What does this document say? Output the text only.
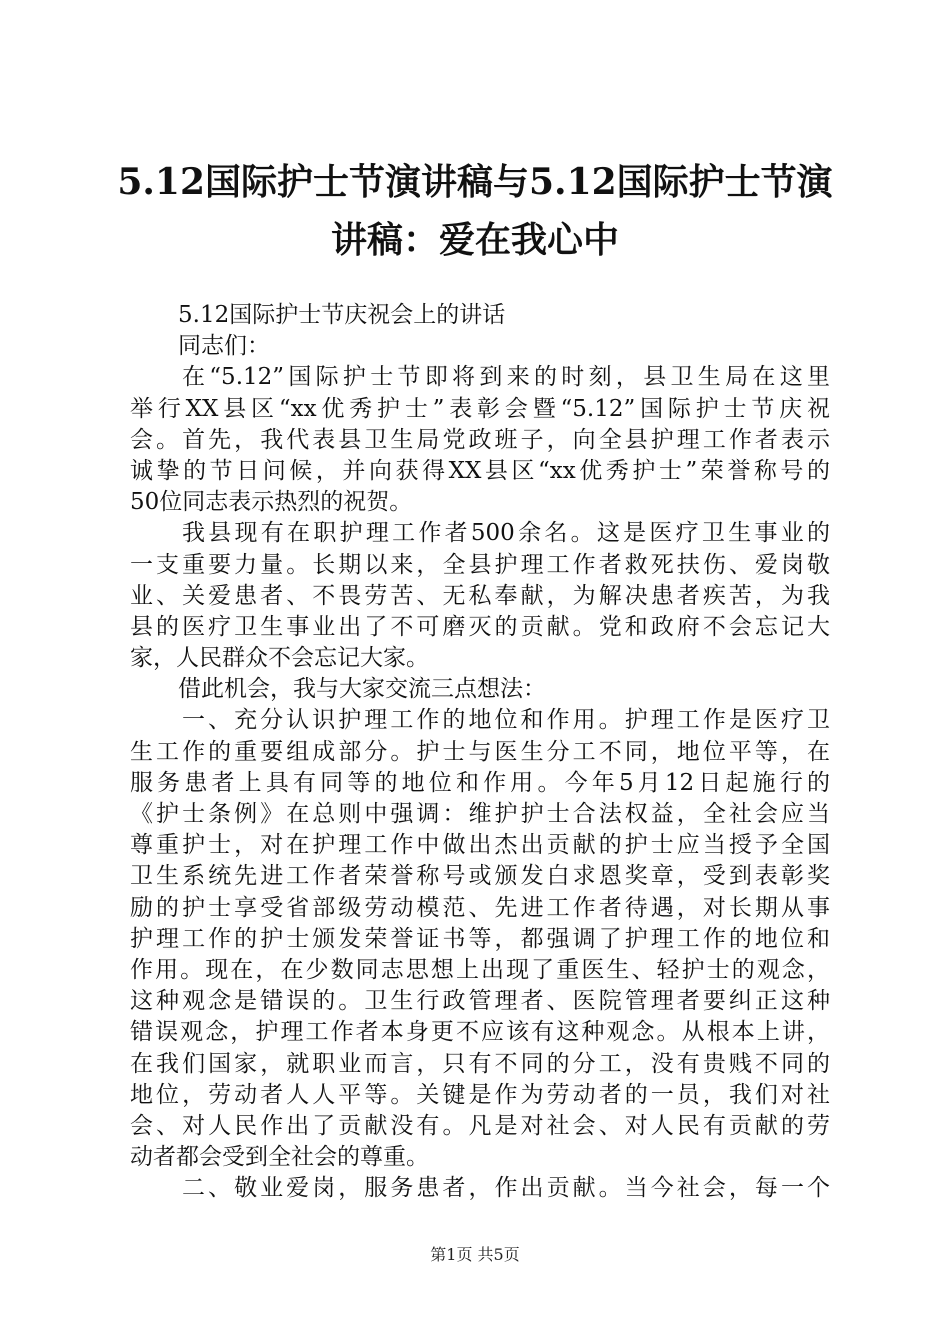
5.12国际护士节演讲稿与5.12国际护士节演
讲稿：爱在我心中
5.12国际护士节庆祝会上的讲话
同志们：
在“5.12”国际护士节即将到来的时刻，县卫生局在这里
举行XX县区“xx优秀护士”表彰会暨“5.12”国际护士节庆祝
会。首先，我代表县卫生局党政班子，向全县护理工作者表示
诚挚的节日问候，并向获得XX县区“xx优秀护士”荣誉称号的
50位同志表示热烈的祝贺。
我县现有在职护理工作者500余名。这是医疗卫生事业的
一支重要力量。长期以来，全县护理工作者救死扶伤、爱岗敬
业、关爱患者、不畏劳苦、无私奉献，为解决患者疾苦，为我
县的医疗卫生事业出了不可磨灭的贡献。党和政府不会忘记大
家，人民群众不会忘记大家。
借此机会，我与大家交流三点想法：
一、充分认识护理工作的地位和作用。护理工作是医疗卫
生工作的重要组成部分。护士与医生分工不同，地位平等，在
服务患者上具有同等的地位和作用。今年5月12日起施行的
《护士条例》在总则中强调：维护护士合法权益，全社会应当
尊重护士，对在护理工作中做出杰出贡献的护士应当授予全国
卫生系统先进工作者荣誉称号或颁发白求恩奖章，受到表彰奖
励的护士享受省部级劳动模范、先进工作者待遇，对长期从事
护理工作的护士颁发荣誉证书等，都强调了护理工作的地位和
作用。现在，在少数同志思想上出现了重医生、轻护士的观念，
这种观念是错误的。卫生行政管理者、医院管理者要纠正这种
错误观念，护理工作者本身更不应该有这种观念。从根本上讲，
在我们国家，就职业而言，只有不同的分工，没有贵贱不同的
地位，劳动者人人平等。关键是作为劳动者的一员，我们对社
会、对人民作出了贡献没有。凡是对社会、对人民有贡献的劳
动者都会受到全社会的尊重。
二、敬业爱岗，服务患者，作出贡献。当今社会，每一个
第1页 共5页
